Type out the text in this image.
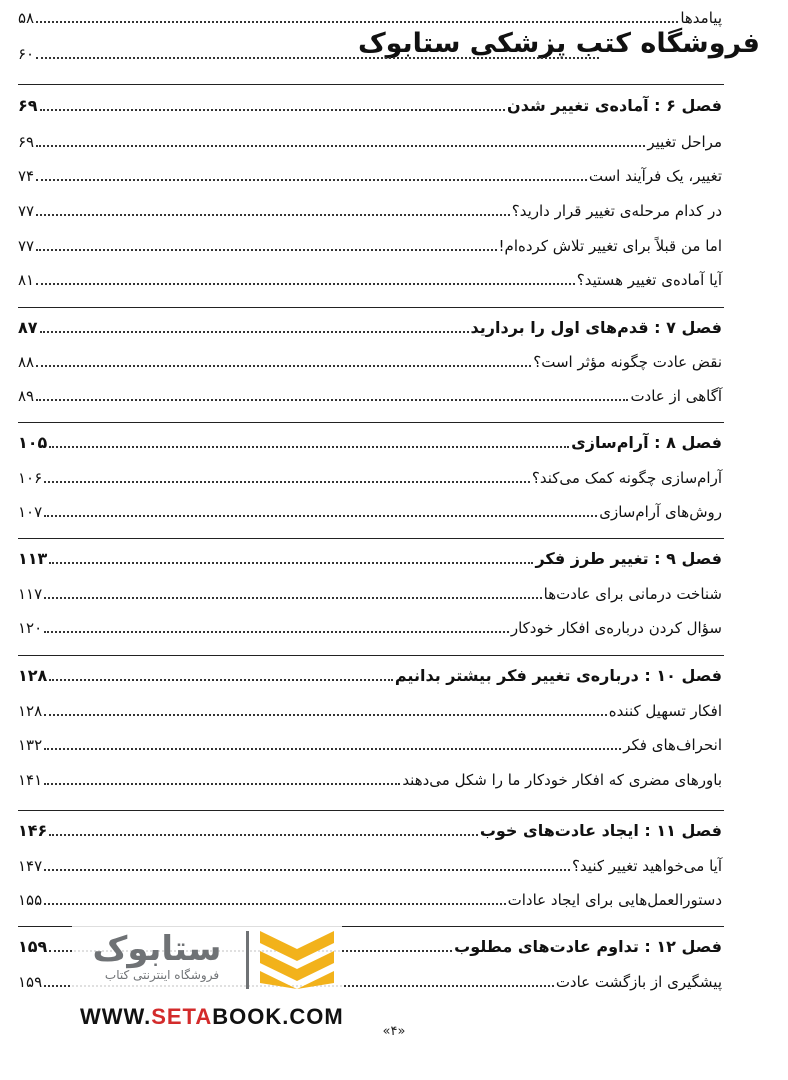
فروشگاه کتب پزشکی ستابوک
پیامدها
۵۸
۶۰
فصل ۶ : آماده‌ی تغییر شدن
۶۹
مراحل تغییر
۶۹
تغییر، یک فرآیند است
۷۴
در کدام مرحله‌ی تغییر قرار دارید؟
۷۷
اما من قبلاً برای تغییر تلاش کرده‌ام!
۷۷
آیا آماده‌ی تغییر هستید؟
۸۱
فصل ۷ : قدم‌های اول را بردارید
۸۷
نقض عادت چگونه مؤثر است؟
۸۸
آگاهی از عادت
۸۹
فصل ۸ : آرام‌سازی
۱۰۵
آرام‌سازی چگونه کمک می‌کند؟
۱۰۶
روش‌های آرام‌سازی
۱۰۷
فصل ۹ : تغییر طرز فکر
۱۱۳
شناخت درمانی برای عادت‌ها
۱۱۷
سؤال کردن درباره‌ی افکار خودکار
۱۲۰
فصل ۱۰ : درباره‌ی تغییر فکر بیشتر بدانیم
۱۲۸
افکار تسهیل کننده
۱۲۸
انحراف‌های فکر
۱۳۲
باورهای مضری که افکار خودکار ما را شکل می‌دهند
۱۴۱
فصل ۱۱ : ایجاد عادت‌های خوب
۱۴۶
آیا می‌خواهید تغییر کنید؟
۱۴۷
دستورالعمل‌هایی برای ایجاد عادات
۱۵۵
فصل ۱۲ : تداوم عادت‌های مطلوب
۱۵۹
پیشگیری از بازگشت عادت
۱۵۹
ستابوک
فروشگاه اینترنتی کتاب
WWW.SETABOOK.COM
«۴»
